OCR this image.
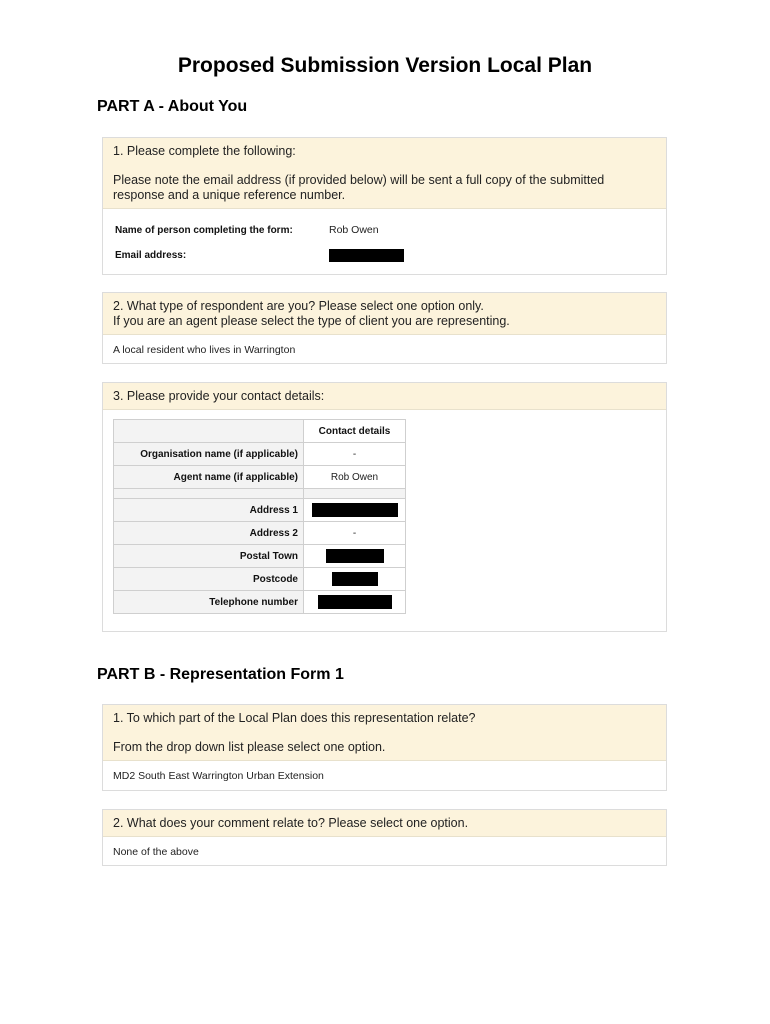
Proposed Submission Version Local Plan
PART A - About You

1. Please complete the following:

Please note the email address (if provided below) will be sent a full copy of the submitted response and a unique reference number.

Name of person completing the form:	Rob Owen
Email address:

2. What type of respondent are you? Please select one option only.

If you are an agent please select the type of client you are representing.

A local resident who lives in Warrington

3. Please provide your contact details:

	Contact details
Organisation name (if applicable)	-
Agent name (if applicable)	Rob Owen

Address 1	
Address 2	-
Postal Town	
Postcode	
Telephone number	
PART B - Representation Form 1

1. To which part of the Local Plan does this representation relate?

From the drop down list please select one option.

MD2 South East Warrington Urban Extension

2. What does your comment relate to? Please select one option.

None of the above
